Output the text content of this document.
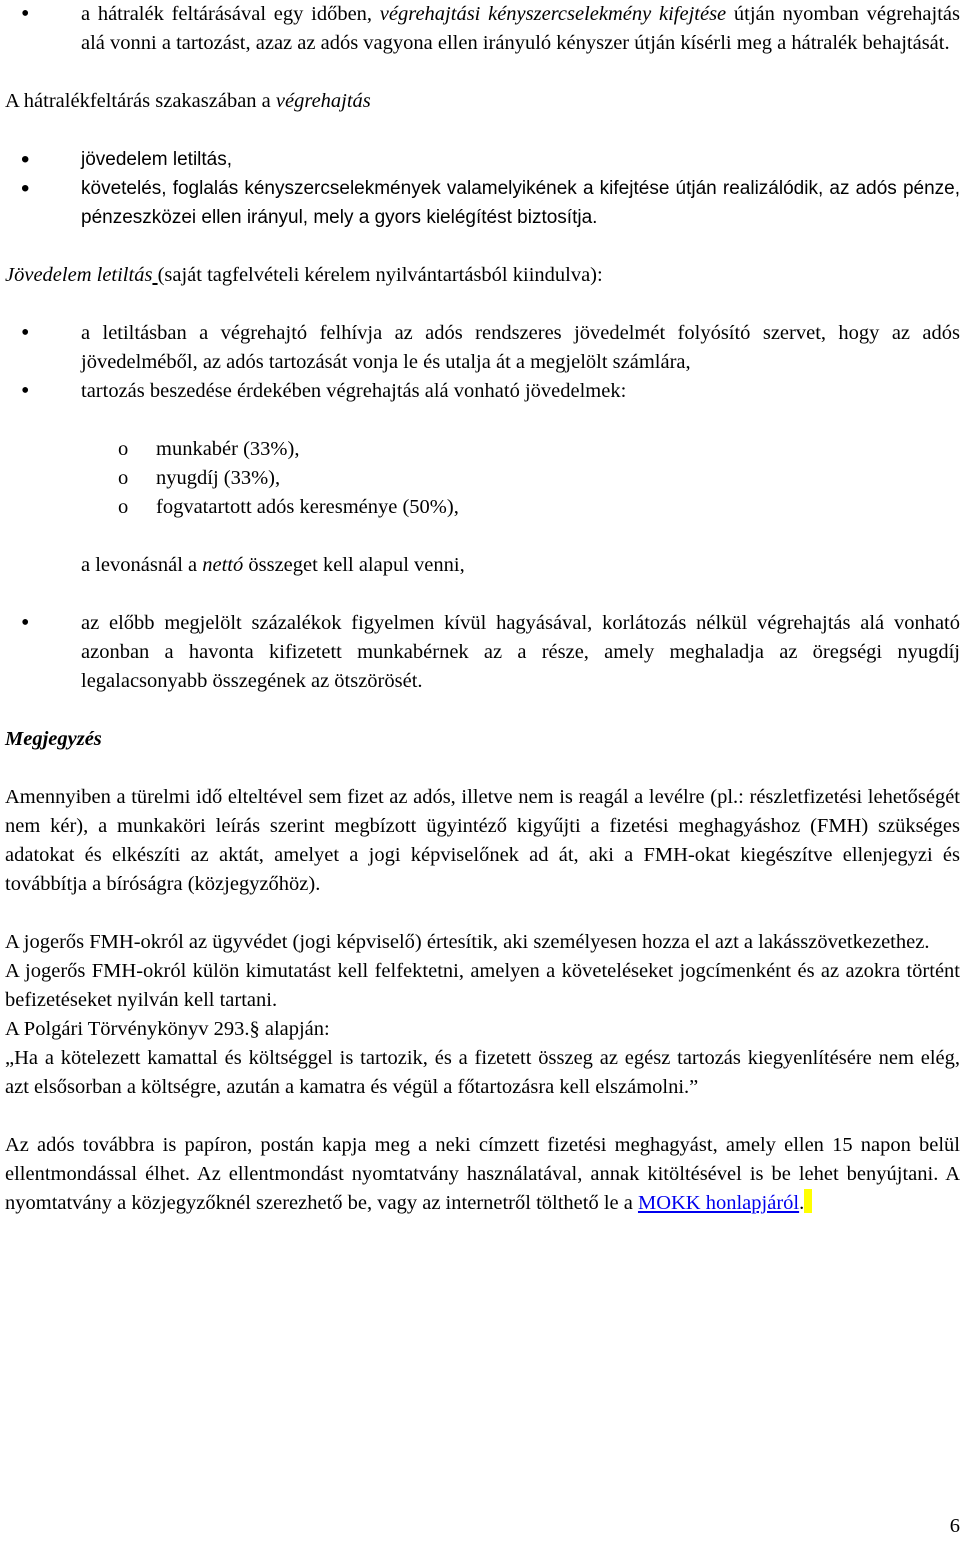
• a hátralék feltárásával egy időben, végrehajtási kényszercselekmény kifejtése útján nyomban végrehajtás alá vonni a tartozást, azaz az adós vagyona ellen irányuló kényszer útján kísérli meg a hátralék behajtását.

A hátralékfeltárás szakaszában a végrehajtás

• jövedelem letiltás,
• követelés, foglalás kényszercselekmények valamelyikének a kifejtése útján realizálódik, az adós pénze, pénzeszközei ellen irányul, mely a gyors kielégítést biztosítja.

Jövedelem letiltás (saját tagfelvételi kérelem nyilvántartásból kiindulva):

• a letiltásban a végrehajtó felhívja az adós rendszeres jövedelmét folyósító szervet, hogy az adós jövedelméből, az adós tartozását vonja le és utalja át a megjelölt számlára,
• tartozás beszedése érdekében végrehajtás alá vonható jövedelmek:
o munkabér (33%),
o nyugdíj (33%),
o fogvatartott adós keresménye (50%),

a levonásnál a nettó összeget kell alapul venni,

• az előbb megjelölt százalékok figyelmen kívül hagyásával, korlátozás nélkül végrehajtás alá vonható azonban a havonta kifizetett munkabérnek az a része, amely meghaladja az öregségi nyugdíj legalacsonyabb összegének az ötszörösét.

Megjegyzés

Amennyiben a türelmi idő elteltével sem fizet az adós, illetve nem is reagál a levélre (pl.: részletfizetési lehetőségét nem kér), a munkaköri leírás szerint megbízott ügyintéző kigyűjti a fizetési meghagyáshoz (FMH) szükséges adatokat és elkészíti az aktát, amelyet a jogi képviselőnek ad át, aki a FMH-okat kiegészítve ellenjegyzi és továbbítja a bíróságra (közjegyzőhöz).

A jogerős FMH-okról az ügyvédet (jogi képviselő) értesítik, aki személyesen hozza el azt a lakásszövetkezethez.

A jogerős FMH-okról külön kimutatást kell felfektetni, amelyen a követeléseket jogcímenként és az azokra történt befizetéseket nyilván kell tartani.

A Polgári Törvénykönyv 293.§ alapján:

„Ha a kötelezett kamattal és költséggel is tartozik, és a fizetett összeg az egész tartozás kiegyenlítésére nem elég, azt elsősorban a költségre, azután a kamatra és végül a főtartozásra kell elszámolni.”

Az adós továbbra is papíron, postán kapja meg a neki címzett fizetési meghagyást, amely ellen 15 napon belül ellentmondással élhet. Az ellentmondást nyomtatvány használatával, annak kitöltésével is be lehet benyújtani. A nyomtatvány a közjegyzőknél szerezhető be, vagy az internetről tölthető le a MOKK honlapjáról.

6
